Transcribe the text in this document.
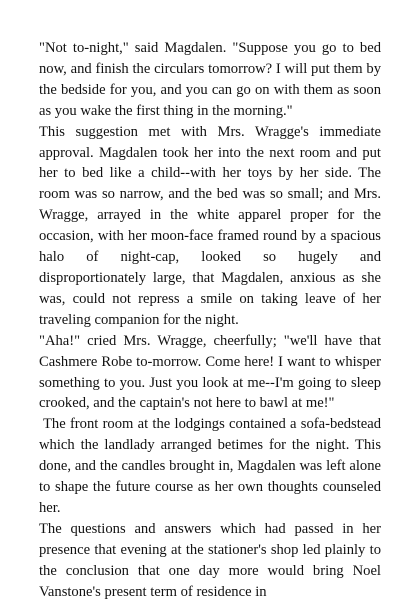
"Not to-night," said Magdalen. "Suppose you go to bed now, and finish the circulars tomorrow? I will put them by the bedside for you, and you can go on with them as soon as you wake the first thing in the morning."

This suggestion met with Mrs. Wragge's immediate approval. Magdalen took her into the next room and put her to bed like a child--with her toys by her side. The room was so narrow, and the bed was so small; and Mrs. Wragge, arrayed in the white apparel proper for the occasion, with her moon-face framed round by a spacious halo of night-cap, looked so hugely and disproportionately large, that Magdalen, anxious as she was, could not repress a smile on taking leave of her traveling companion for the night.

"Aha!" cried Mrs. Wragge, cheerfully; "we'll have that Cashmere Robe to-morrow. Come here! I want to whisper something to you. Just you look at me--I'm going to sleep crooked, and the captain's not here to bawl at me!"

The front room at the lodgings contained a sofa-bedstead which the landlady arranged betimes for the night. This done, and the candles brought in, Magdalen was left alone to shape the future course as her own thoughts counseled her.

The questions and answers which had passed in her presence that evening at the stationer's shop led plainly to the conclusion that one day more would bring Noel Vanstone's present term of residence in
